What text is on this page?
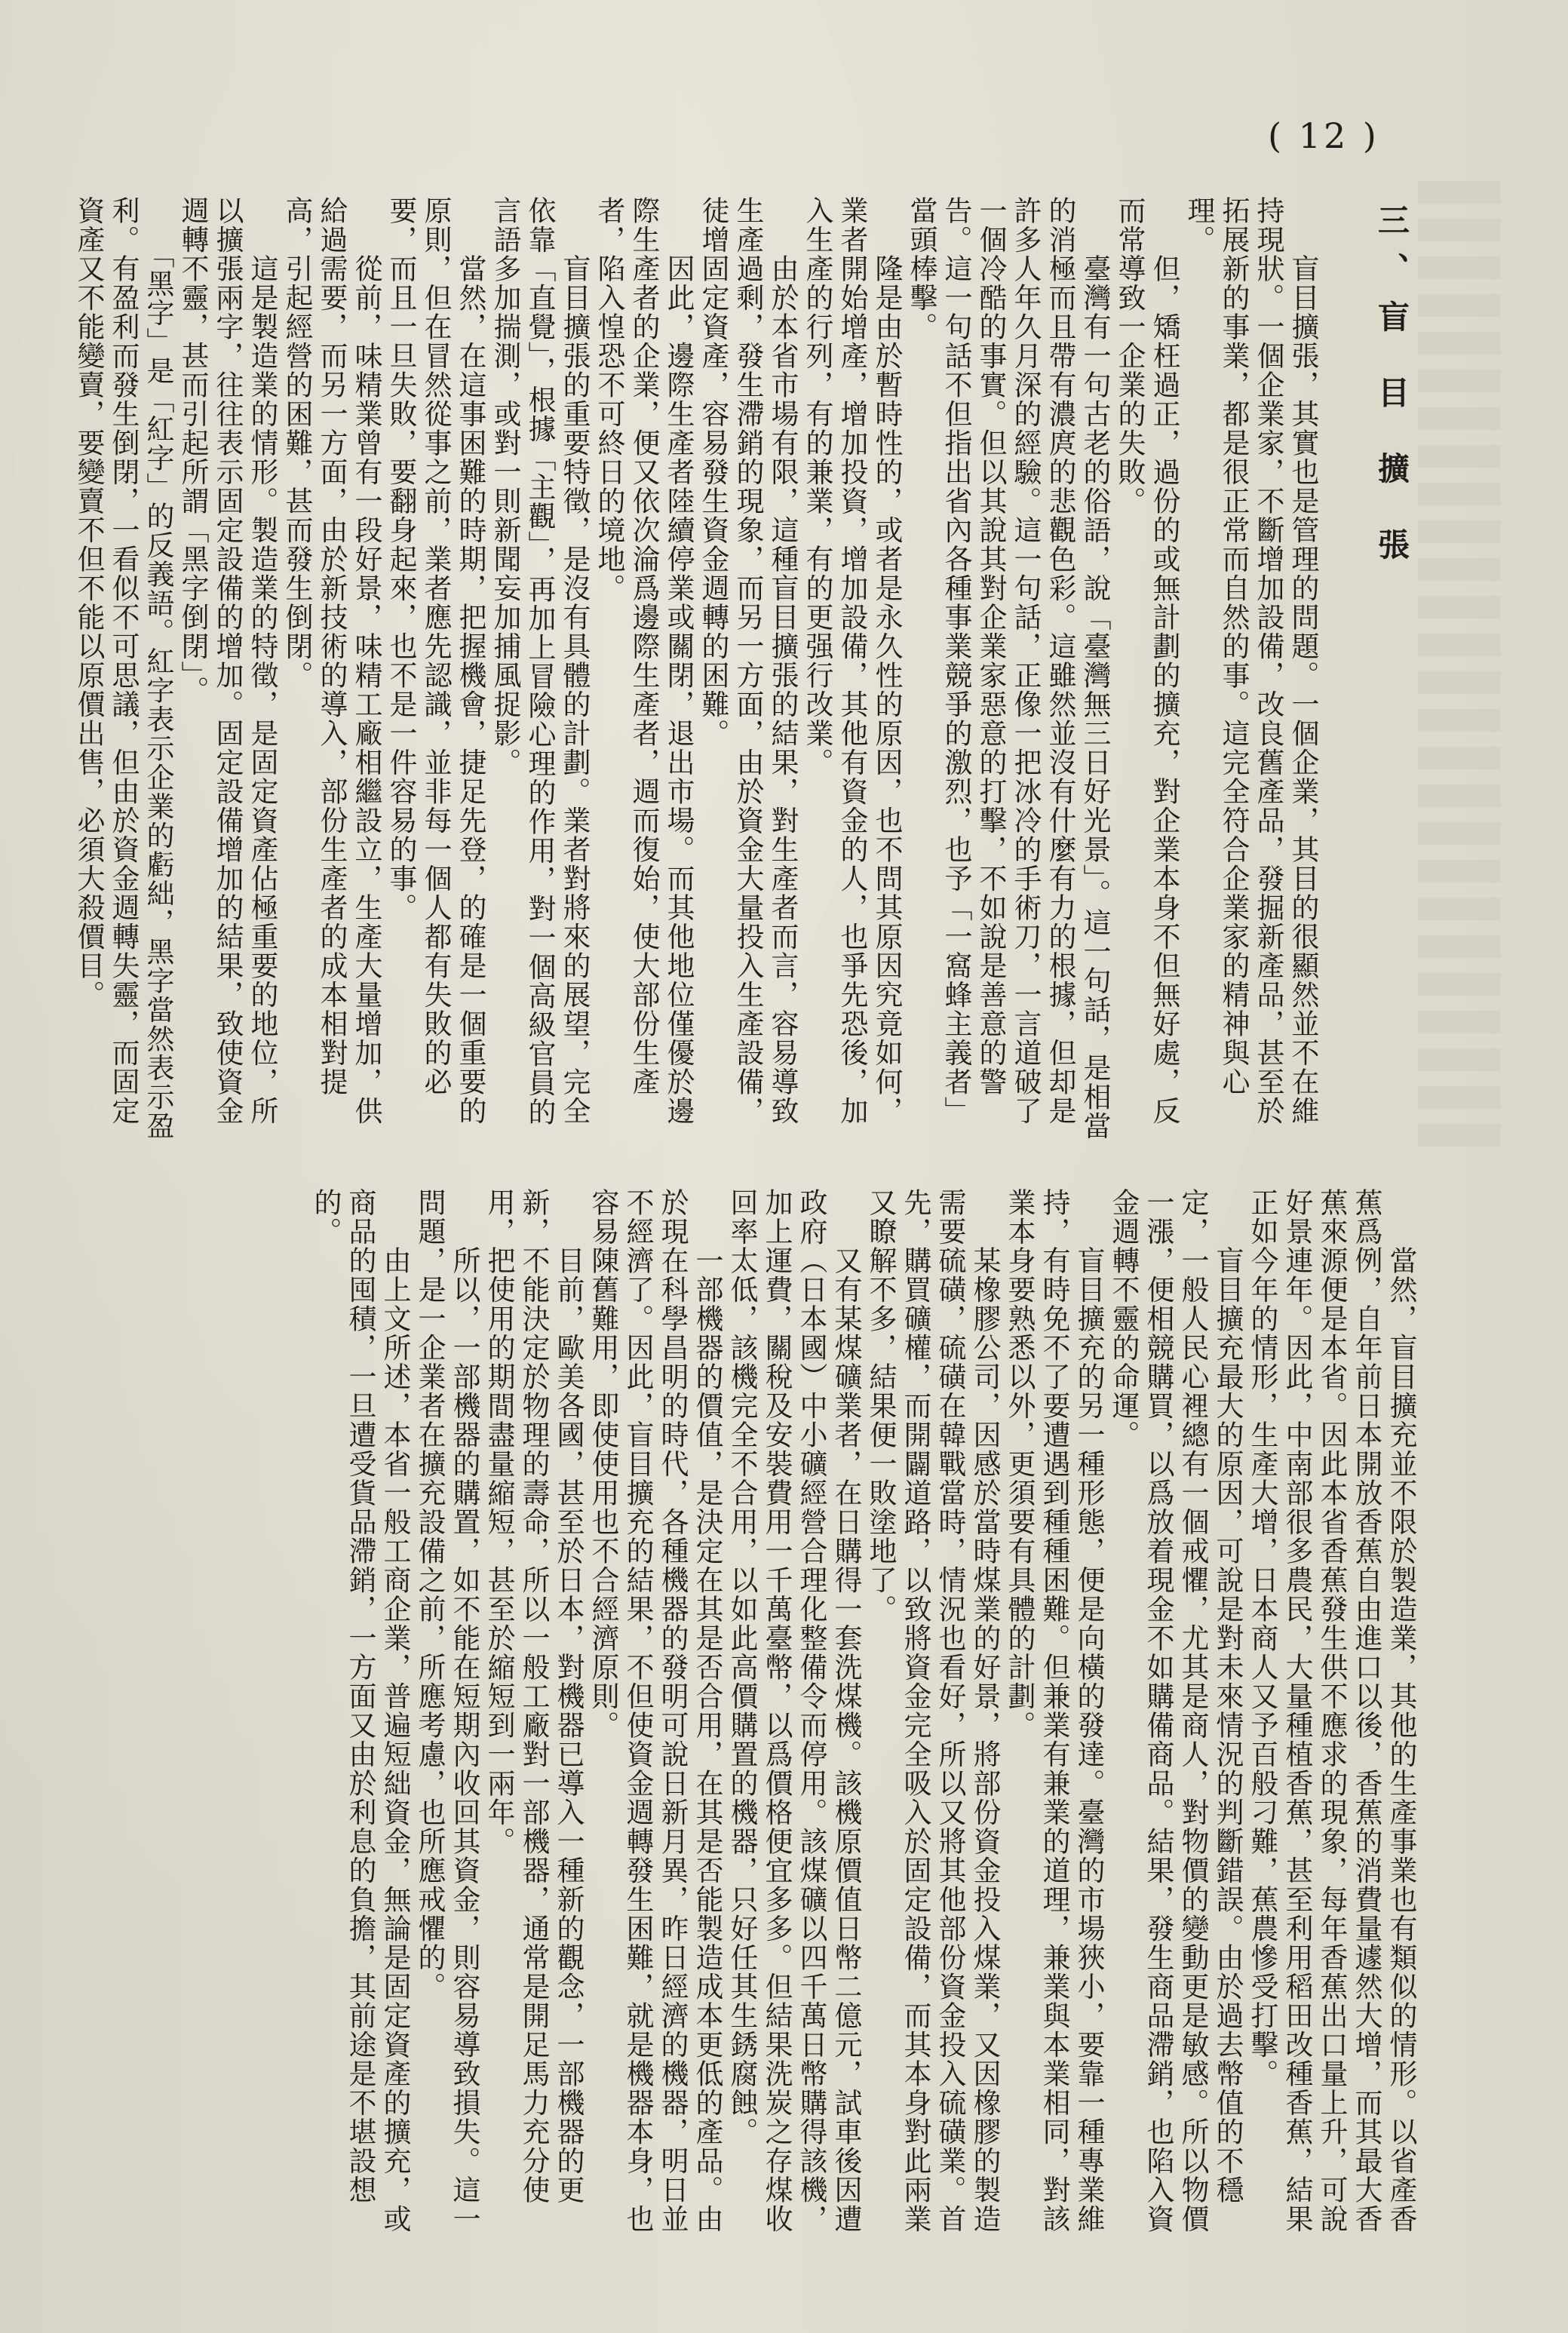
( 12 )
三、盲 目 擴 張

　　盲目擴張，其實也是管理的問題。一個企業，其目的很顯然並不在維持現狀。一個企業家，不斷增加設備，改良舊產品，發掘新產品，甚至於拓展新的事業，都是很正常而自然的事。這完全符合企業家的精神與心理。

　　但，矯枉過正，過份的或無計劃的擴充，對企業本身不但無好處，反而常導致一企業的失敗。

　　臺灣有一句古老的俗語，說「臺灣無三日好光景」。這一句話，是相當的消極而且帶有濃庹的悲觀色彩。這雖然並沒有什麼有力的根據，但却是許多人年久月深的經驗。這一句話，正像一把冰冷的手術刀，一言道破了一個冷酷的事實。但以其說其對企業家惡意的打擊，不如說是善意的警告。這一句話不但指出省內各種事業競爭的激烈，也予「一窩蜂主義者」當頭棒擊。

　　隆是由於暫時性的，或者是永久性的原因，也不問其原因究竟如何，業者開始增產，增加投資，增加設備，其他有資金的人，也爭先恐後，加入生產的行列，有的兼業，有的更强行改業。

　　由於本省市場有限，這種盲目擴張的結果，對生產者而言，容易導致生產過剩，發生滯銷的現象，而另一方面，由於資金大量投入生產設備，徒增固定資產，容易發生資金週轉的困難。

　　因此，邊際生產者陸續停業或關閉，退出市場。而其他地位僅優於邊際生產者的企業，便又依次淪爲邊際生產者，週而復始，使大部份生產者，陷入惶恐不可終日的境地。

　　盲目擴張的重要特徵，是沒有具體的計劃。業者對將來的展望，完全依靠「直覺」，根據「主觀」，再加上冒險心理的作用，對一個高級官員的言語多加揣測，或對一則新聞妄加捕風捉影。

　　當然，在這事困難的時期，把握機會，捷足先登，的確是一個重要的原則，但在冒然從事之前，業者應先認識，並非每一個人都有失敗的必要，而且一旦失敗，要翻身起來，也不是一件容易的事。

　　從前，味精業曾有一段好景，味精工廠相繼設立，生產大量增加，供給過需要，而另一方面，由於新技術的導入，部份生產者的成本相對提高，引起經營的困難，甚而發生倒閉。

　　這是製造業的情形。製造業的特徵，是固定資產佔極重要的地位，所以擴張兩字，往往表示固定設備的增加。固定設備增加的結果，致使資金週轉不靈，甚而引起所謂「黑字倒閉」。

　　「黑字」是「紅字」的反義語。紅字表示企業的虧絀，黑字當然表示盈利。有盈利而發生倒閉，一看似不可思議，但由於資金週轉失靈，而固定資產又不能變賣，要變賣不但不能以原價出售，必須大殺價目。

　　當然，盲目擴充並不限於製造業，其他的生產事業也有類似的情形。以省產香蕉爲例，自年前日本開放香蕉自由進口以後，香蕉的消費量遽然大增，而其最大香蕉來源便是本省。因此本省香蕉發生供不應求的現象，每年香蕉出口量上升，可說好景連年。因此，中南部很多農民，大量種植香蕉，甚至利用稻田改種香蕉，結果正如今年的情形，生產大增，日本商人又予百般刁難，蕉農慘受打擊。

　　盲目擴充最大的原因，可說是對未來情況的判斷錯誤。由於過去幣值的不穩定，一般人民心裡總有一個戒懼，尤其是商人，對物價的變動更是敏感。所以物價一漲，便相競購買，以爲放着現金不如購備商品。結果，發生商品滯銷，也陷入資金週轉不靈的命運。

　　盲目擴充的另一種形態，便是向橫的發達。臺灣的市場狹小，要靠一種專業維持，有時免不了要遭遇到種種困難。但兼業有兼業的道理，兼業與本業相同，對該業本身要熟悉以外，更須要有具體的計劃。

　　某橡膠公司，因感於當時煤業的好景，將部份資金投入煤業，又因橡膠的製造需要硫磺，硫磺在韓戰當時，情況也看好，所以又將其他部份資金投入硫磺業。首先，購買礦權，而開闢道路，以致將資金完全吸入於固定設備，而其本身對此兩業又瞭解不多，結果便一敗塗地了。

　　又有某煤礦業者，在日購得一套洗煤機。該機原價值日幣二億元，試車後因遭政府（日本國）中小礦經營合理化整備令而停用。該煤礦以四千萬日幣購得該機，加上運費，關稅及安裝費用一千萬臺幣，以爲價格便宜多多。但結果洗炭之存煤收回率太低，該機完全不合用，以如此高價購置的機器，只好任其生銹腐蝕。

　　一部機器的價值，是決定在其是否合用，在其是否能製造成本更低的產品。由於現在科學昌明的時代，各種機器的發明可說日新月異，昨日經濟的機器，明日並不經濟了。因此，盲目擴充的結果，不但使資金週轉發生困難，就是機器本身，也容易陳舊難用，即使使用也不合經濟原則。

　　目前，歐美各國，甚至於日本，對機器已導入一種新的觀念，一部機器的更新，不能決定於物理的壽命，所以一般工廠對一部機器，通常是開足馬力充分使用，把使用的期間盡量縮短，甚至於縮短到一兩年。

　　所以，一部機器的購置，如不能在短期內收回其資金，則容易導致損失。這一問題，是一企業者在擴充設備之前，所應考慮，也所應戒懼的。

　　由上文所述，本省一般工商企業，普遍短絀資金，無論是固定資產的擴充，或商品的囤積，一旦遭受貨品滯銷，一方面又由於利息的負擔，其前途是不堪設想的。
